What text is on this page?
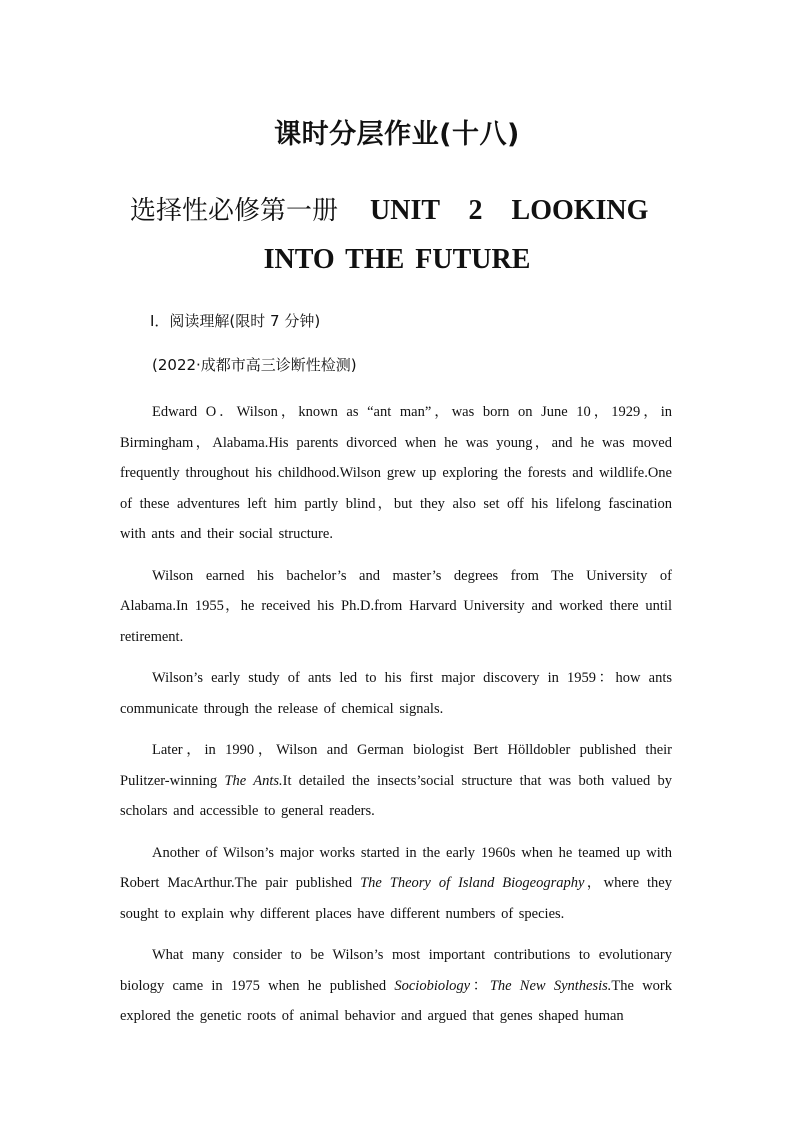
课时分层作业(十八)
选择性必修第一册 UNIT 2 LOOKING
INTO THE FUTURE
Ⅰ．阅读理解(限时 7 分钟)
(2022·成都市高三诊断性检测)

Edward O．Wilson，known as “ant man”，was born on June 10，1929，in Birmingham，Alabama.His parents divorced when he was young，and he was moved frequently throughout his childhood.Wilson grew up exploring the forests and wildlife.One of these adventures left him partly blind，but they also set off his lifelong fascination with ants and their social structure.

Wilson earned his bachelor’s and master’s degrees from The University of Alabama.In 1955，he received his Ph.D.from Harvard University and worked there until retirement.

Wilson’s early study of ants led to his first major discovery in 1959：how ants communicate through the release of chemical signals.

Later，in 1990，Wilson and German biologist Bert Hölldobler published their Pulitzer-winning The Ants.It detailed the insects’social structure that was both valued by scholars and accessible to general readers.

Another of Wilson’s major works started in the early 1960s when he teamed up with Robert MacArthur.The pair published The Theory of Island Biogeography，where they sought to explain why different places have different numbers of species.

What many consider to be Wilson’s most important contributions to evolutionary biology came in 1975 when he published Sociobiology：The New Synthesis.The work explored the genetic roots of animal behavior and argued that genes shaped human
